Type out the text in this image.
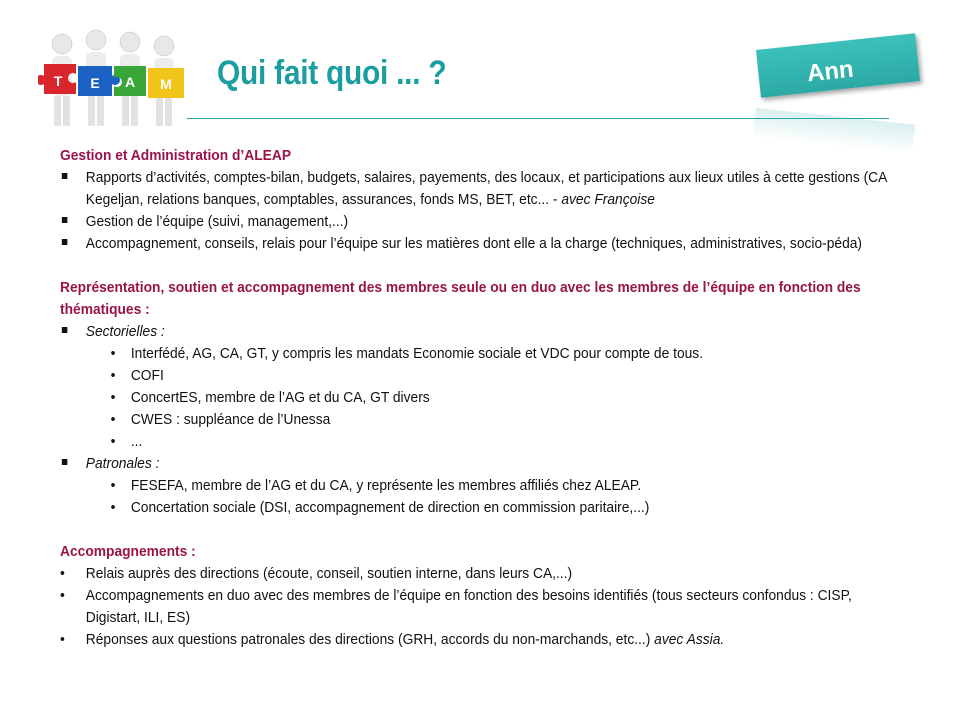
T E A M Qui fait quoi ... ?	Ann
Gestion et Administration d’ALEAP
Rapports d’activités, comptes-bilan, budgets, salaires, payements, des locaux, et participations aux lieux utiles à cette gestions (CA Kegeljan, relations banques, comptables, assurances, fonds MS, BET, etc... - avec Françoise
Gestion de l’équipe (suivi, management,...)
Accompagnement, conseils, relais pour l’équipe sur les matières dont elle a la charge (techniques, administratives, socio-péda)
Représentation, soutien et accompagnement des membres seule ou en duo avec les membres de l’équipe en fonction des thématiques :
Sectorielles :
• Interfédé, AG, CA, GT, y compris les mandats Economie sociale et VDC pour compte de tous.
• COFI
• ConcertES, membre de l’AG et du CA, GT divers
• CWES : suppléance de l’Unessa
• ...
Patronales :
• FESEFA, membre de l’AG et du CA, y représente les membres affiliés chez ALEAP.
• Concertation sociale (DSI, accompagnement de direction en commission paritaire,...)
Accompagnements :
•	Relais auprès des directions (écoute, conseil, soutien interne, dans leurs CA,...)
•	Accompagnements en duo avec des membres de l’équipe en fonction des besoins identifiés (tous secteurs confondus : CISP, Digistart, ILI, ES)
•	Réponses aux questions patronales des directions (GRH, accords du non-marchands, etc...) avec Assia.
